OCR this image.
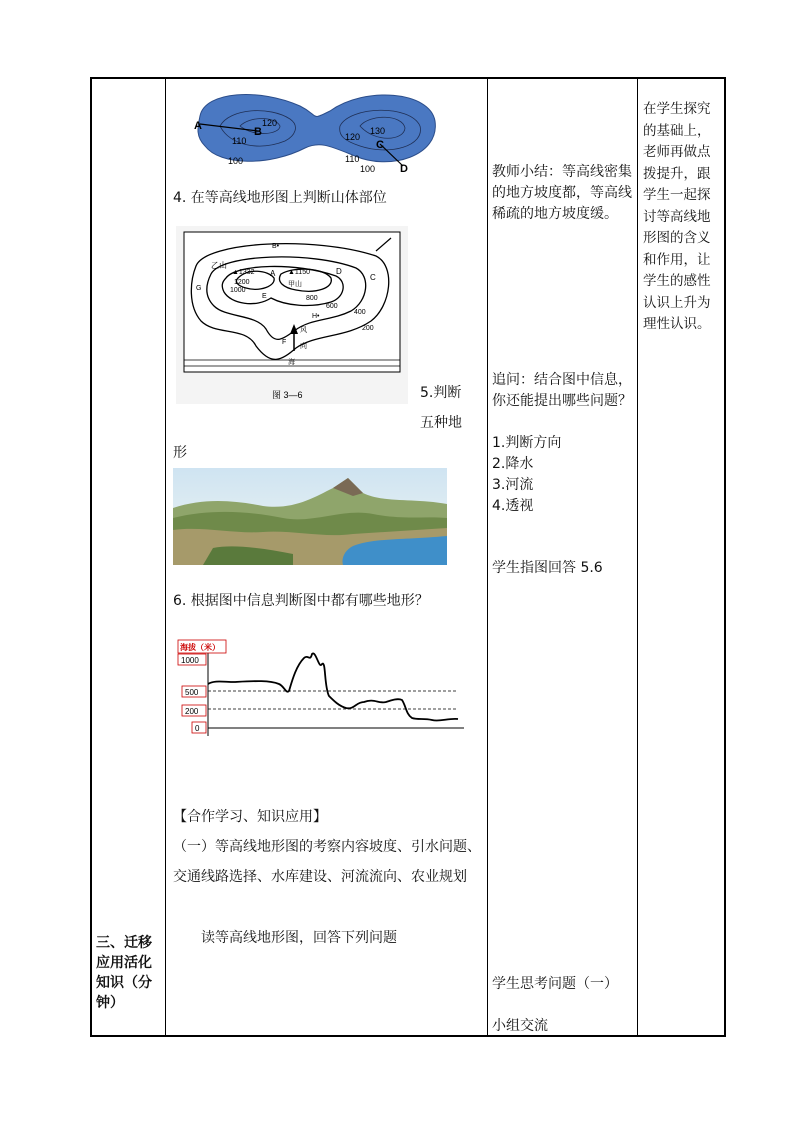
三、迁移应用活化知识（分钟）
A	B
C
D
120
110
100
120
130
110
100
4. 在等高线地形图上判断山体部位
乙山
▲1332
1200
1000
A ▲1150
甲山
D
C
B•
E	800
600
400
200
H•
F
G
风
向
海
图 3—6	5.判断
五种地
形
6. 根据图中信息判断图中都有哪些地形？
海拔（米）
1000
500
200
0
【合作学习、知识应用】
（一）等高线地形图的考察内容坡度、引水问题、交通线路选择、水库建设、河流流向、农业规划
读等高线地形图，回答下列问题
教师小结：等高线密集的地方坡度都，等高线稀疏的地方坡度缓。
追问：结合图中信息，你还能提出哪些问题？
1.判断方向
2.降水
3.河流
4.透视
学生指图回答 5.6
学生思考问题（一）
小组交流
在学生探究的基础上，老师再做点拨提升，跟学生一起探讨等高线地形图的含义和作用，让学生的感性认识上升为理性认识。
